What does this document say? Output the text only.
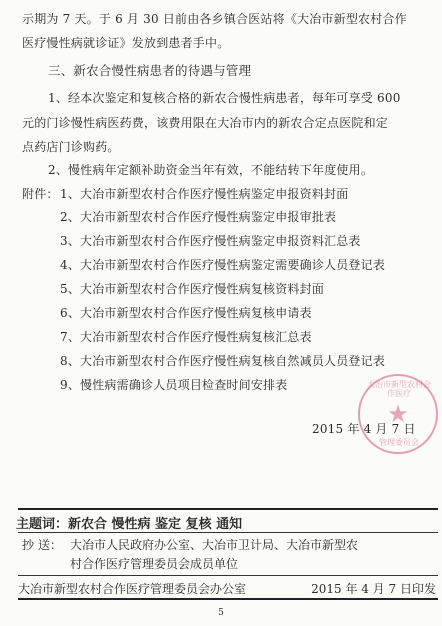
示期为 7 天。于 6 月 30 日前由各乡镇合医站将《大冶市新型农村合作
医疗慢性病就诊证》发放到患者手中。
三、新农合慢性病患者的待遇与管理
1、经本次鉴定和复核合格的新农合慢性病患者，每年可享受 600
元的门诊慢性病医药费，该费用限在大冶市内的新农合定点医院和定
点药店门诊购药。
2、慢性病年定额补助资金当年有效，不能结转下年度使用。
附件： 1、大冶市新型农村合作医疗慢性病鉴定申报资料封面
2、大冶市新型农村合作医疗慢性病鉴定申报审批表
3、大冶市新型农村合作医疗慢性病鉴定申报资料汇总表
4、大冶市新型农村合作医疗慢性病鉴定需要确诊人员登记表
5、大冶市新型农村合作医疗慢性病复核资料封面
6、大冶市新型农村合作医疗慢性病复核申请表
7、大冶市新型农村合作医疗慢性病复核汇总表
8、大冶市新型农村合作医疗慢性病复核自然减员人员登记表
9、慢性病需确诊人员项目检查时间安排表	大冶市新型农村合作医疗
★
管理委员会
2015 年 4 月 7 日
主题词：新农合 慢性病 鉴定 复核 通知
抄 送： 大冶市人民政府办公室、大冶市卫计局、大冶市新型农
村合作医疗管理委员会成员单位
大冶市新型农村合作医疗管理委员会办公室	2015 年 4 月 7 日印发
5
